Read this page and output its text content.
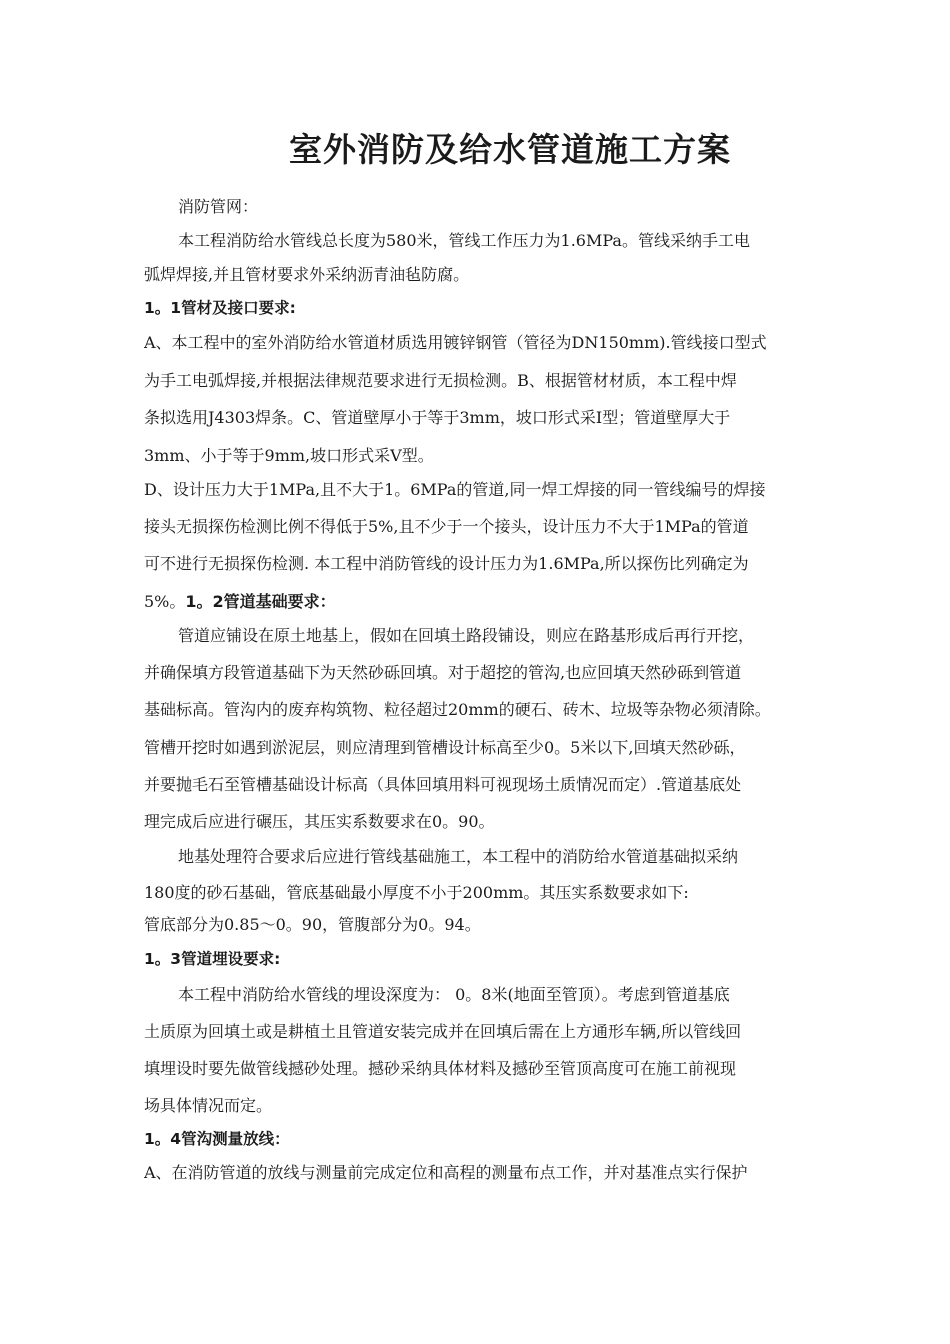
室外消防及给水管道施工方案
消防管网：
本工程消防给水管线总长度为580米，管线工作压力为1.6MPa。管线采纳手工电
弧焊焊接,并且管材要求外采纳沥青油毡防腐。
1。1管材及接口要求:
A、本工程中的室外消防给水管道材质选用镀锌钢管（管径为DN150mm).管线接口型式
为手工电弧焊接,并根据法律规范要求进行无损检测。B、根据管材材质，本工程中焊
条拟选用J4303焊条。C、管道壁厚小于等于3mm，坡口形式采I型；管道壁厚大于
3mm、小于等于9mm,坡口形式采V型。
D、设计压力大于1MPa,且不大于1。6MPa的管道,同一焊工焊接的同一管线编号的焊接
接头无损探伤检测比例不得低于5%,且不少于一个接头，设计压力不大于1MPa的管道
可不进行无损探伤检测. 本工程中消防管线的设计压力为1.6MPa,所以探伤比列确定为
5%。1。2管道基础要求：
管道应铺设在原土地基上，假如在回填土路段铺设，则应在路基形成后再行开挖，
并确保填方段管道基础下为天然砂砾回填。对于超挖的管沟,也应回填天然砂砾到管道
基础标高。管沟内的废弃构筑物、粒径超过20mm的硬石、砖木、垃圾等杂物必须清除。
管槽开挖时如遇到淤泥层，则应清理到管槽设计标高至少0。5米以下,回填天然砂砾，
并要抛毛石至管槽基础设计标高（具体回填用料可视现场土质情况而定）.管道基底处
理完成后应进行碾压，其压实系数要求在0。90。
地基处理符合要求后应进行管线基础施工，本工程中的消防给水管道基础拟采纳
180度的砂石基础，管底基础最小厚度不小于200mm。其压实系数要求如下:
管底部分为0.85～0。90，管腹部分为0。94。
1。3管道埋设要求:
本工程中消防给水管线的埋设深度为： 0。8米(地面至管顶）。考虑到管道基底
土质原为回填土或是耕植土且管道安装完成并在回填后需在上方通形车辆,所以管线回
填埋设时要先做管线撼砂处理。撼砂采纳具体材料及撼砂至管顶高度可在施工前视现
场具体情况而定。
1。4管沟测量放线：
A、在消防管道的放线与测量前完成定位和高程的测量布点工作，并对基准点实行保护
